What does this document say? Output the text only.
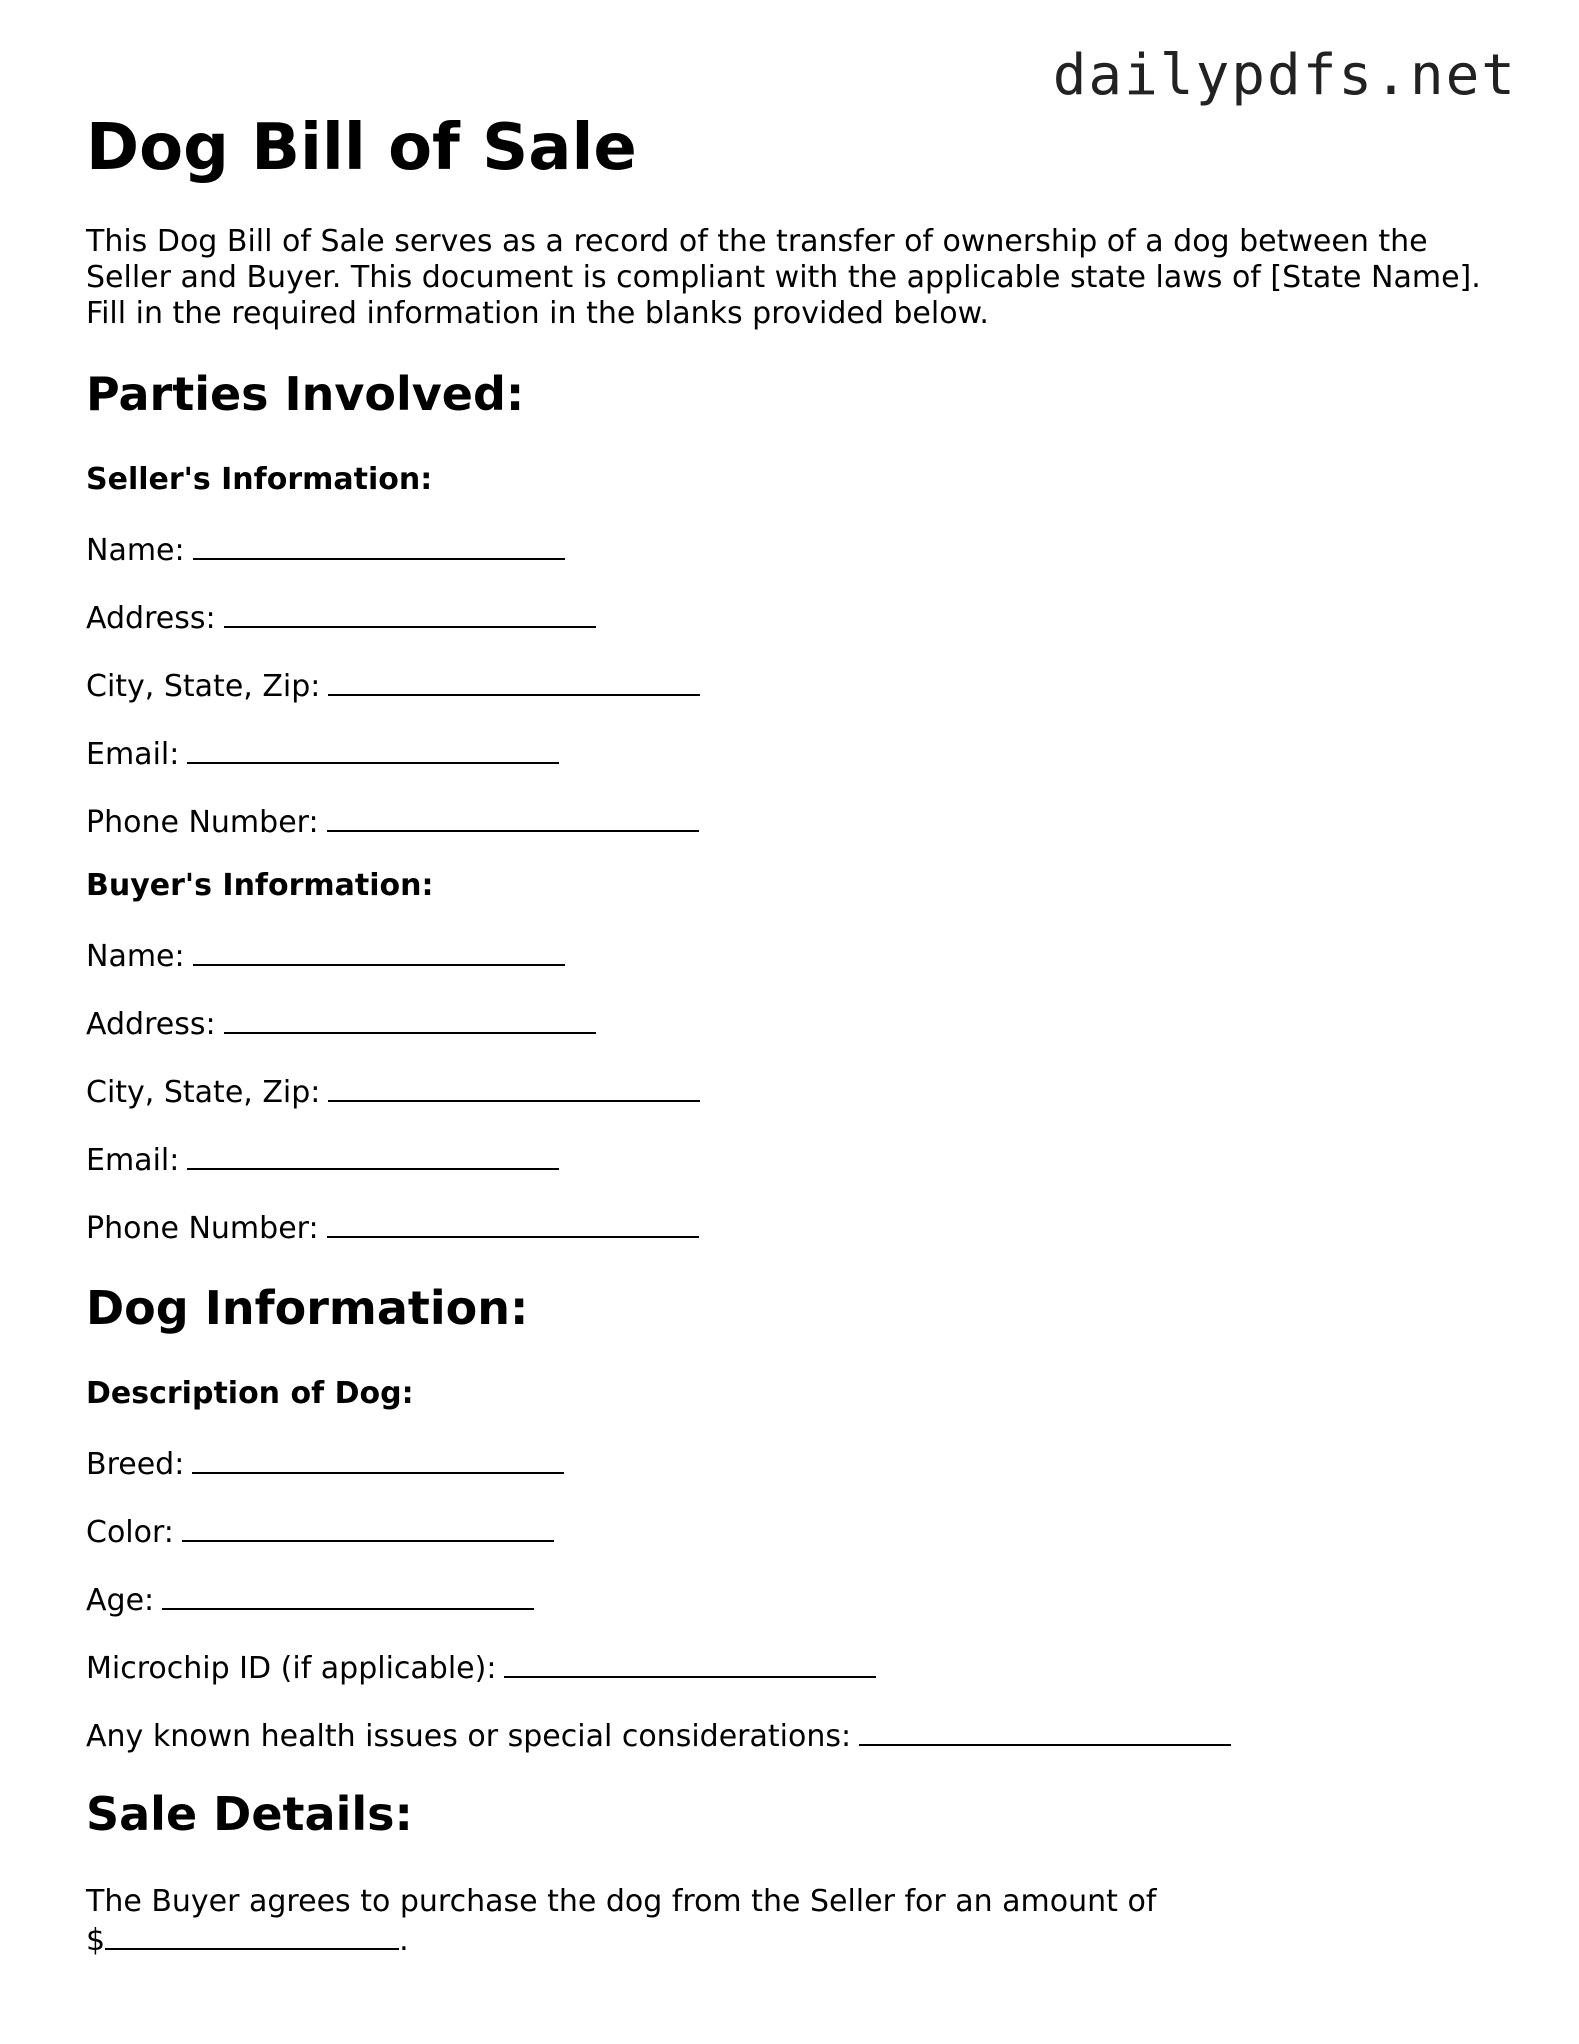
dailypdfs.net
Dog Bill of Sale

This Dog Bill of Sale serves as a record of the transfer of ownership of a dog between the Seller and Buyer. This document is compliant with the applicable state laws of [State Name]. Fill in the required information in the blanks provided below.

Parties Involved:
Seller's Information:
Name:
Address:
City, State, Zip:
Email:
Phone Number:
Buyer's Information:
Name:
Address:
City, State, Zip:
Email:
Phone Number:
Dog Information:
Description of Dog:
Breed:
Color:
Age:
Microchip ID (if applicable):
Any known health issues or special considerations:
Sale Details:
The Buyer agrees to purchase the dog from the Seller for an amount of
$	.
